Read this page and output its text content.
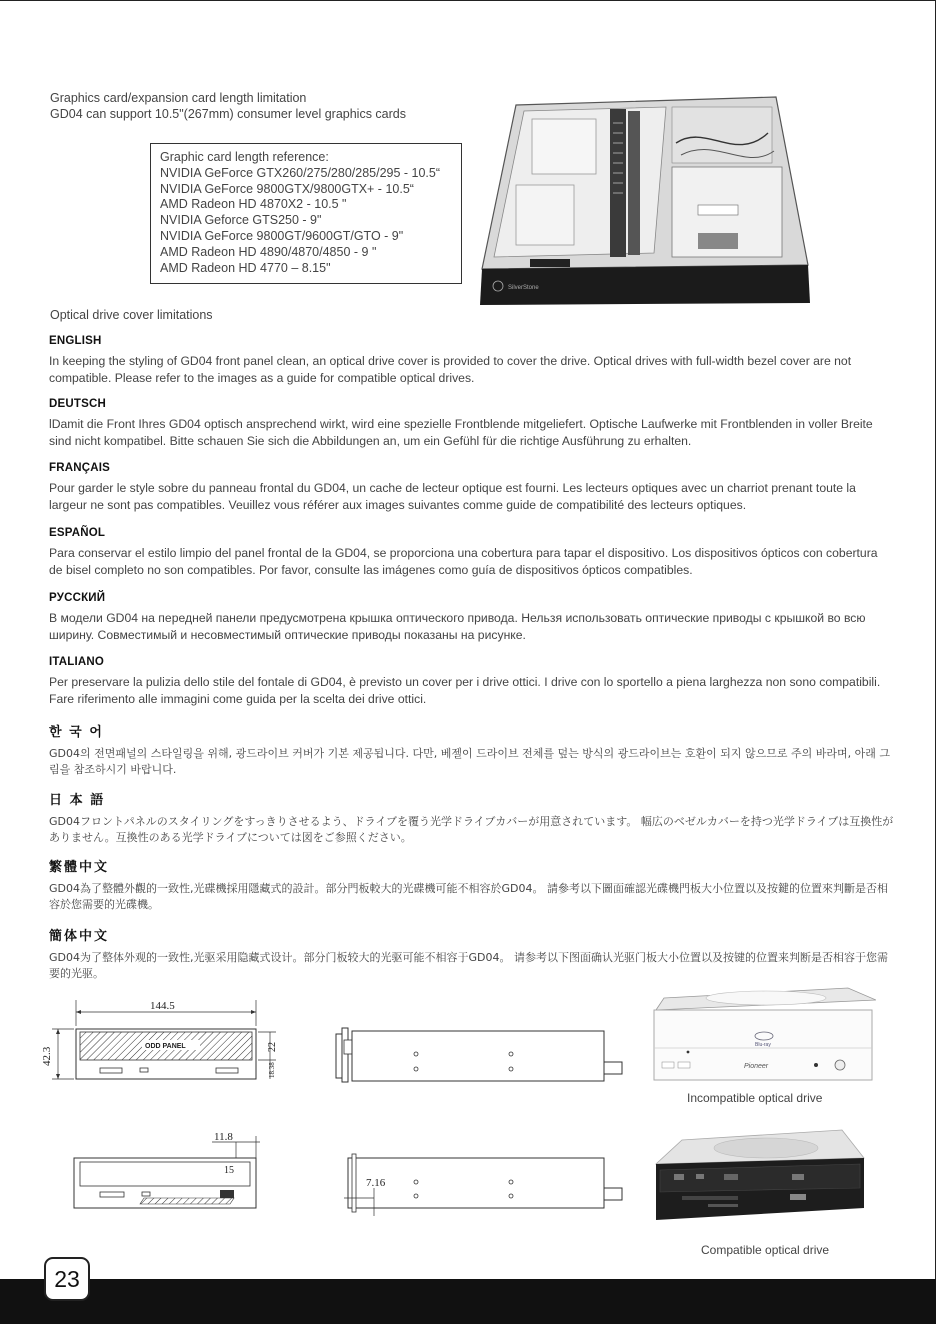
Graphics card/expansion card length limitation
GD04 can support 10.5"(267mm) consumer level graphics cards
Graphic card length reference:
NVIDIA GeForce GTX260/275/280/285/295 - 10.5“
NVIDIA GeForce 9800GTX/9800GTX+ - 10.5“
AMD Radeon HD 4870X2 - 10.5 "
NVIDIA Geforce GTS250 - 9"
NVIDIA GeForce 9800GT/9600GT/GTO - 9"
AMD Radeon HD 4890/4870/4850 - 9 "
AMD Radeon HD 4770 – 8.15"
SilverStone
Optical drive cover limitations
ENGLISH

In keeping the styling of GD04 front panel clean, an optical drive cover is provided to cover the drive. Optical drives with full-width bezel cover are not compatible. Please refer to the images as a guide for compatible optical drives.

DEUTSCH

lDamit die Front Ihres GD04 optisch ansprechend wirkt, wird eine spezielle Frontblende mitgeliefert. Optische Laufwerke mit Frontblenden in voller Breite sind nicht kompatibel. Bitte schauen Sie sich die Abbildungen an, um ein Gefühl für die richtige Ausführung zu erhalten.

FRANÇAIS

Pour garder le style sobre du panneau frontal du GD04, un cache de lecteur optique est fourni. Les lecteurs optiques avec un charriot prenant toute la largeur ne sont pas compatibles. Veuillez vous référer aux images suivantes comme guide de compatibilité des lecteurs optiques.

ESPAÑOL

Para conservar el estilo limpio del panel frontal de la GD04, se proporciona una cobertura para tapar el dispositivo. Los dispositivos ópticos con cobertura de bisel completo no son compatibles. Por favor, consulte las imágenes como guía de dispositivos ópticos compatibles.

РУССКИЙ

В модели GD04 на передней панели предусмотрена крышка оптического привода. Нельзя использовать оптические приводы с крышкой во всю ширину. Совместимый и несовместимый оптические приводы показаны на рисунке.

ITALIANO

Per preservare la pulizia dello stile del fontale di GD04, è previsto un cover per i drive ottici. I drive con lo sportello a piena larghezza non sono compatibili. Fare riferimento alle immagini come guida per la scelta dei drive ottici.

한 국 어

GD04의 전면패널의 스타일링을 위해, 광드라이브 커버가 기본 제공됩니다. 다만, 베젤이 드라이브 전체를 덮는 방식의 광드라이브는 호환이 되지 않으므로 주의 바라며, 아래 그림을 참조하시기 바랍니다.

日 本 語

GD04フロントパネルのスタイリングをすっきりさせるよう、ドライブを覆う光学ドライブカバーが用意されています。 幅広のベゼルカバーを持つ光学ドライブは互換性がありません。互換性のある光学ドライブについては図をご参照ください。

繁體中文

GD04為了整體外觀的一致性,光碟機採用隱藏式的設計。部分門板較大的光碟機可能不相容於GD04。 請參考以下圖面確認光碟機門板大小位置以及按鍵的位置來判斷是否相容於您需要的光碟機。

簡体中文

GD04为了整体外观的一致性,光驱采用隐藏式设计。部分门板较大的光驱可能不相容于GD04。 请参考以下图面确认光驱门板大小位置以及按键的位置来判断是否相容于您需要的光驱。

144.5
ODD PANEL
42.3	22
18.38
11.8
15
7.16
Blu-ray
Pioneer
Incompatible optical drive
Compatible optical drive
23
